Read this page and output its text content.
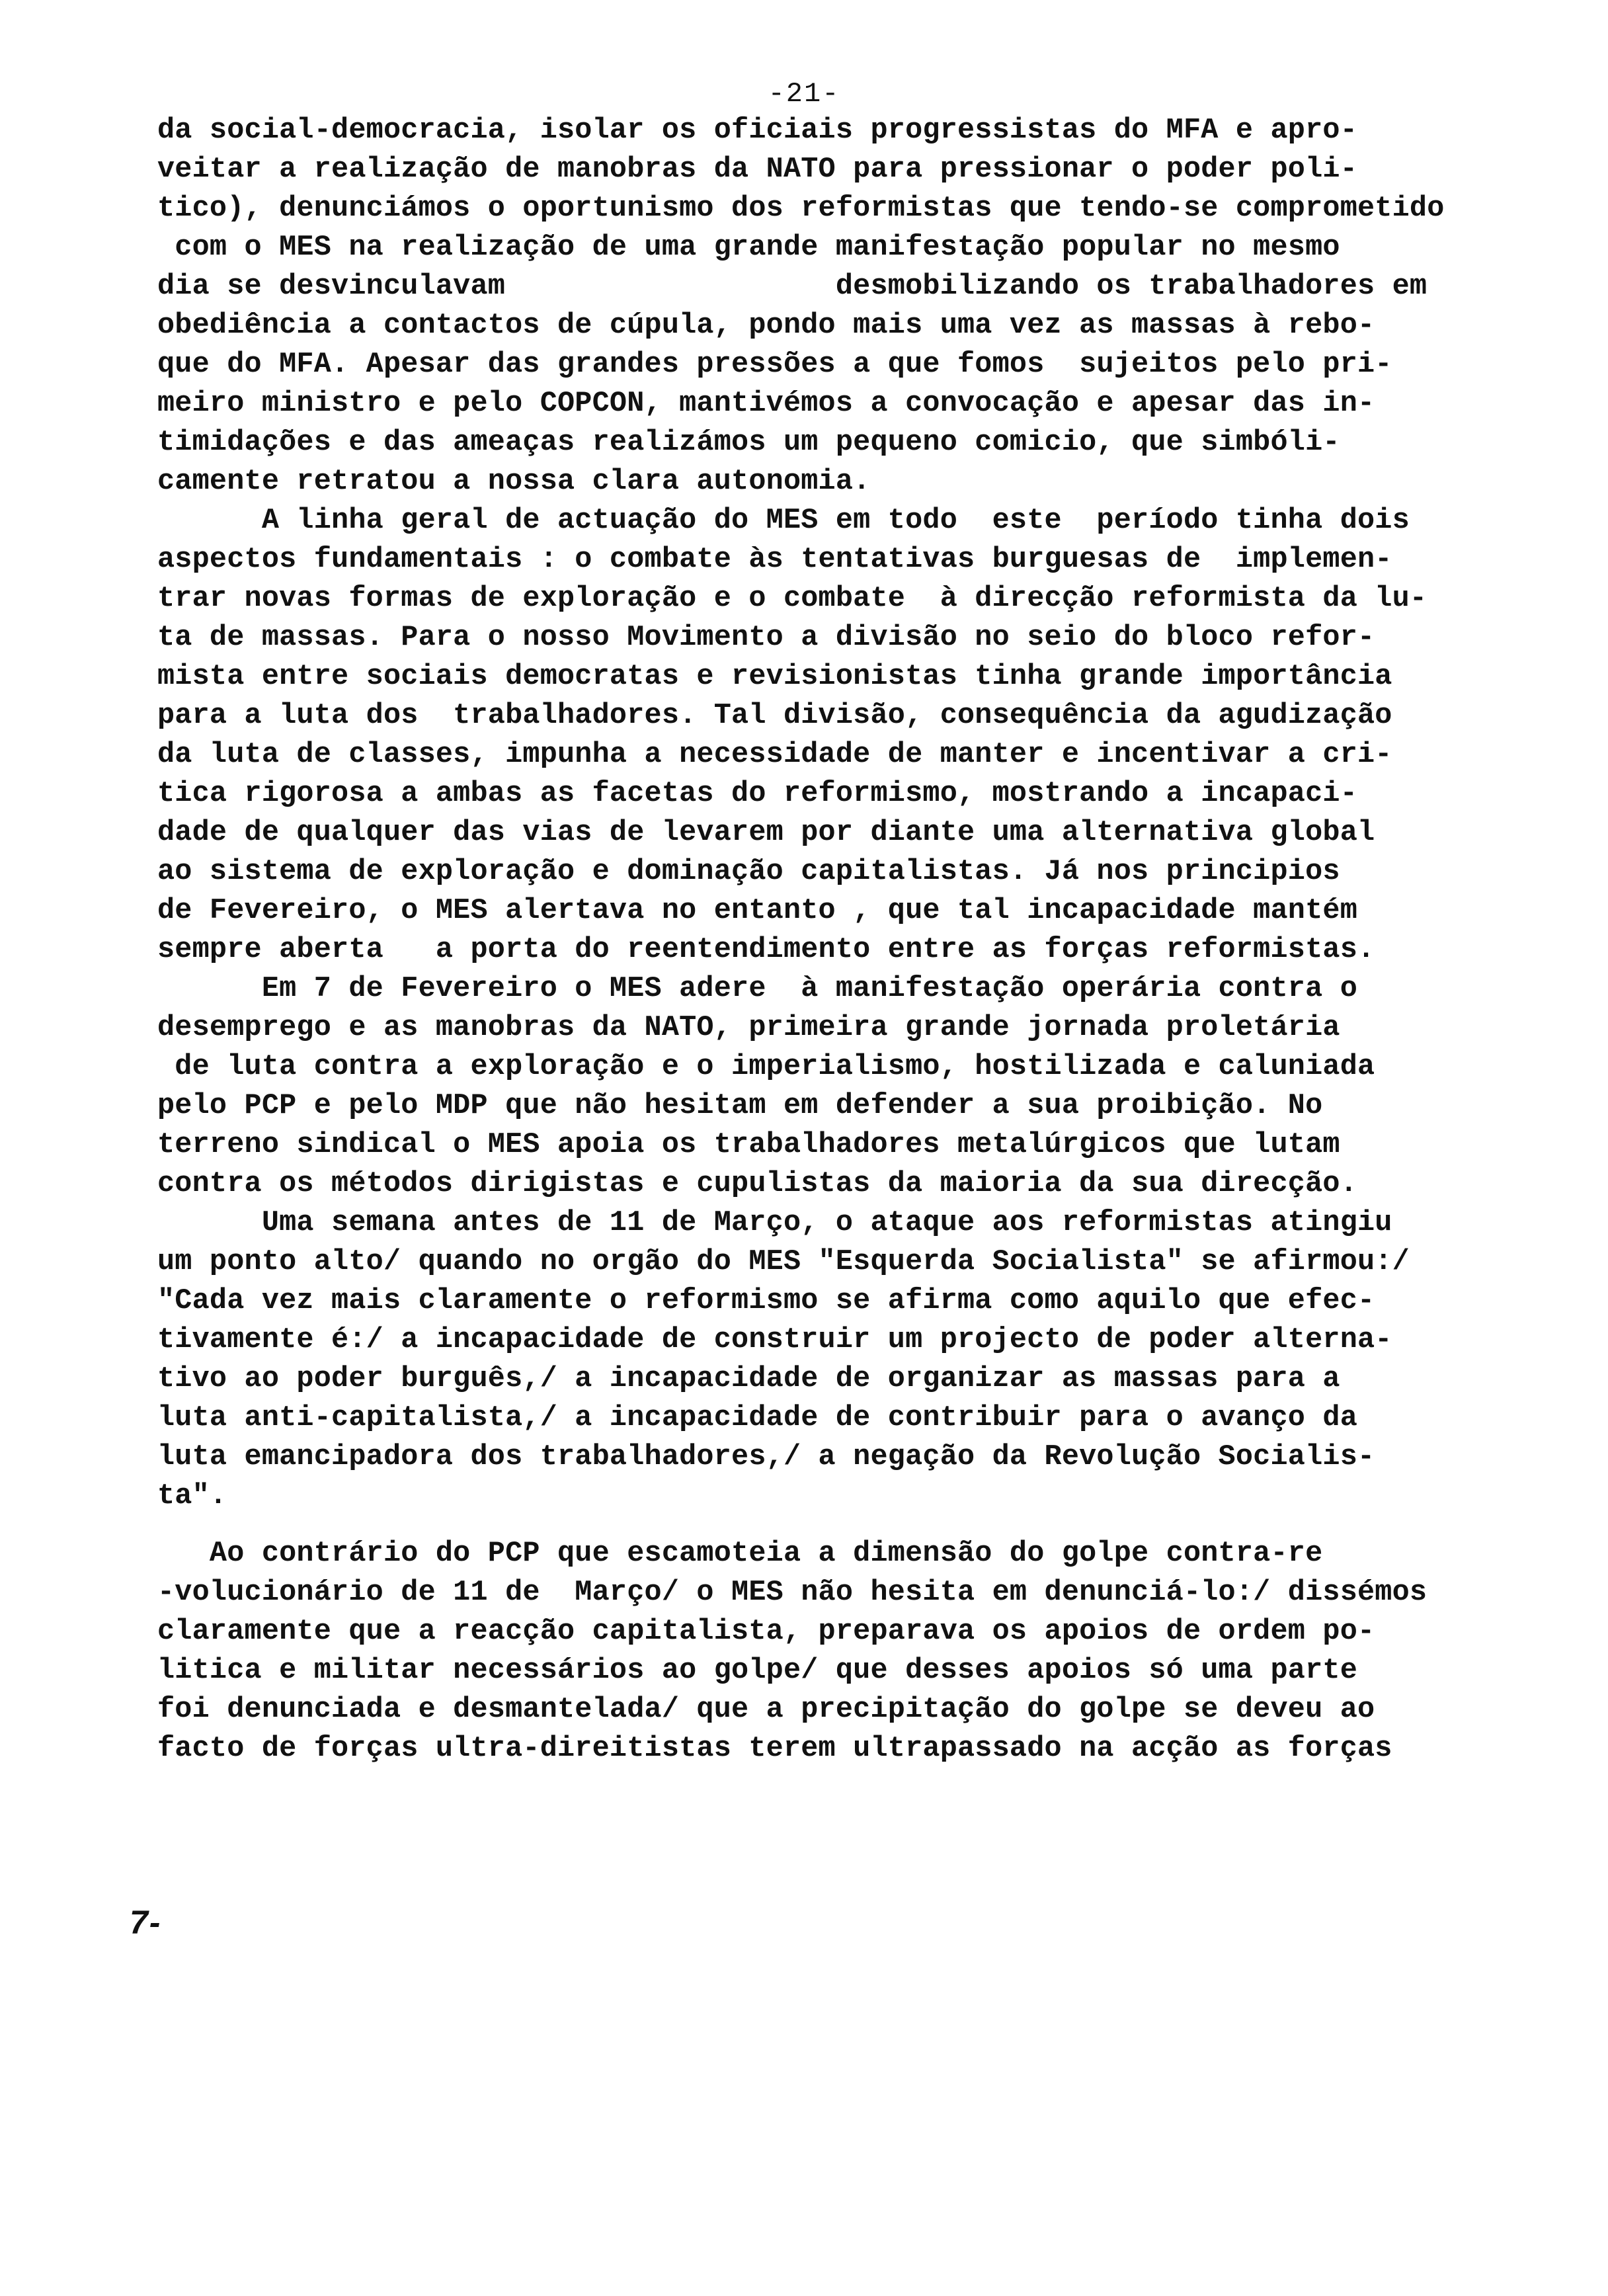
-21-
da social-democracia, isolar os oficiais progressistas do MFA e apro-
veitar a realização de manobras da NATO para pressionar o poder poli-
tico), denunciámos o oportunismo dos reformistas que tendo-se comprometido
com o MES na realização de uma grande manifestação popular no mesmo
dia se desvinculavam                   desmobilizando os trabalhadores em
obediência a contactos de cúpula, pondo mais uma vez as massas à rebo-
que do MFA. Apesar das grandes pressões a que fomos  sujeitos pelo pri-
meiro ministro e pelo COPCON, mantivémos a convocação e apesar das in-
timidações e das ameaças realizámos um pequeno comicio, que simbóli-
camente retratou a nossa clara autonomia.
A linha geral de actuação do MES em todo  este  período tinha dois
aspectos fundamentais : o combate às tentativas burguesas de  implemen-
trar novas formas de exploração e o combate  à direcção reformista da lu-
ta de massas. Para o nosso Movimento a divisão no seio do bloco refor-
mista entre sociais democratas e revisionistas tinha grande importância
para a luta dos  trabalhadores. Tal divisão, consequência da agudização
da luta de classes, impunha a necessidade de manter e incentivar a cri-
tica rigorosa a ambas as facetas do reformismo, mostrando a incapaci-
dade de qualquer das vias de levarem por diante uma alternativa global
ao sistema de exploração e dominação capitalistas. Já nos principios
de Fevereiro, o MES alertava no entanto , que tal incapacidade mantém
sempre aberta   a porta do reentendimento entre as forças reformistas.
Em 7 de Fevereiro o MES adere  à manifestação operária contra o
desemprego e as manobras da NATO, primeira grande jornada proletária
de luta contra a exploração e o imperialismo, hostilizada e caluniada
pelo PCP e pelo MDP que não hesitam em defender a sua proibição. No
terreno sindical o MES apoia os trabalhadores metalúrgicos que lutam
contra os métodos dirigistas e cupulistas da maioria da sua direcção.
Uma semana antes de 11 de Março, o ataque aos reformistas atingiu
um ponto alto/ quando no orgão do MES "Esquerda Socialista" se afirmou:/
"Cada vez mais claramente o reformismo se afirma como aquilo que efec-
tivamente é:/ a incapacidade de construir um projecto de poder alterna-
tivo ao poder burguês,/ a incapacidade de organizar as massas para a
luta anti-capitalista,/ a incapacidade de contribuir para o avanço da
luta emancipadora dos trabalhadores,/ a negação da Revolução Socialis-
ta".
Ao contrário do PCP que escamoteia a dimensão do golpe contra-re
-volucionário de 11 de  Março/ o MES não hesita em denunciá-lo:/ dissémos
claramente que a reacção capitalista, preparava os apoios de ordem po-
litica e militar necessários ao golpe/ que desses apoios só uma parte
foi denunciada e desmantelada/ que a precipitação do golpe se deveu ao
facto de forças ultra-direitistas terem ultrapassado na acção as forças
7-
